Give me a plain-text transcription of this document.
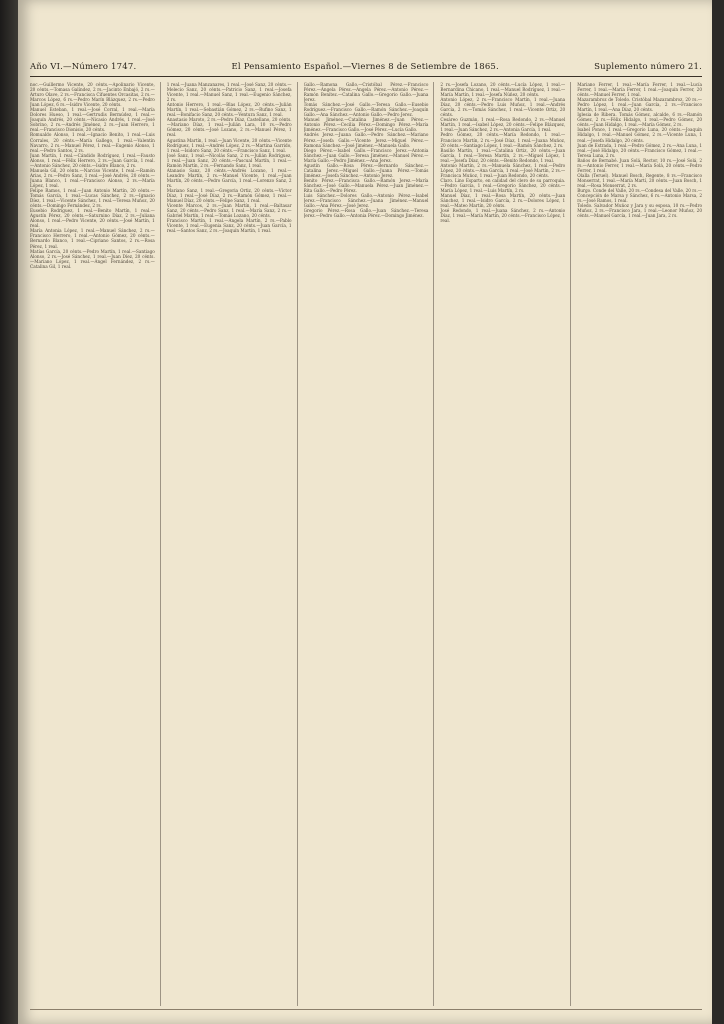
Año VI.—Número 1747.	El Pensamiento Español.—Viernes 8 de Setiembre de 1865.	Suplemento número 21.

noc.—Guillermo Vicente, 20 cénts.—Apolinario Vicente, 20 cénts.—Tomasa Galíndez, 2 rs.—Jacinto Enbajó, 2 rs.—Arturo Olave, 2 rs.—Francisca Cifuentes Orcasitas, 2 rs.—Marcos López, 6 rs.—Pedro Marín Blázquez, 2 rs.—Pedro Juan López, 6 rs.—Isidro Vicente, 20 cénts.

Manuel Esteban, 1 real.—José Corral, 1 real.—María Dolores Hueso, 1 real.—Gertrudis Bermúdez, 1 real.—Joaquín Andrés, 20 cénts.—Nicasio Andrés, 1 real.—José Sobrino, 2 rs.—Andrés Jiménez, 2 rs.—Juan Herrero, 1 real.—Francisco Dionisio, 20 cénts.

Romualdo Alonso, 1 real.—Ignacio Benito, 1 real.—Luis Corrales, 20 cénts.—María Gallego, 1 real.—Valentín Navarro, 2 rs.—Manuel Pérez, 1 real.—Eugenio Alonso, 1 real.—Pedro Santos, 2 rs.

Juan Martín, 1 real.—Cándido Rodríguez, 1 real.—Fausto Alonso, 1 real.—Félix Herrero, 2 rs.—Juan García, 1 real.—Antonio Sánchez, 20 cénts.—Isidro Blanco, 2 rs.

Manuela Gil, 20 cénts.—Narciso Vicente, 1 real.—Ramón Arias, 2 rs.—Pedro Sanz, 1 real.—José Andrés, 20 cénts.—Juana Blanco, 1 real.—Francisco Alonso, 2 rs.—María López, 1 real.

Felipe Ramos, 1 real.—Juan Antonio Martín, 20 cénts.—Tomás García, 1 real.—Lucas Sánchez, 2 rs.—Ignacio Díez, 1 real.—Vicente Sánchez, 1 real.—Teresa Muñoz, 20 cénts.—Domingo Fernández, 2 rs.

Eusebio Rodríguez, 1 real.—Benito Martín, 1 real.—Agustín Pérez, 20 cénts.—Saturnino Díaz, 2 rs.—Juliana Alonso, 1 real.—Pedro Vicente, 20 cénts.—José Martín, 1 real.

María Antonia López, 1 real.—Manuel Sánchez, 2 rs.—Francisco Herrero, 1 real.—Antonio Gómez, 20 cénts.—Bernardo Blanco, 1 real.—Cipriano Santos, 2 rs.—Rosa Pérez, 1 real.

Matías García, 20 cénts.—Pedro Martín, 1 real.—Santiago Alonso, 2 rs.—José Sánchez, 1 real.—Juan Díez, 20 cénts.—Mariano López, 1 real.—Ángel Fernández, 2 rs.—Catalina Gil, 1 real.

1 real.—Juana Manzanares, 1 real.—José Sanz, 20 cénts.—Melecio Sanz, 20 cénts.—Patricio Sanz, 1 real.—Josefa Vicente, 1 real.—Manuel Sanz, 1 real.—Eugenio Sánchez, 2 rs.

Antonio Herrero, 1 real.—Blas López, 20 cénts.—Julián Martín, 1 real.—Sebastián Gómez, 2 rs.—Rufino Sanz, 1 real.—Bonifacio Sanz, 20 cénts.—Ventura Sanz, 1 real.

Anastasio Maroto, 2 rs.—Pedro Díaz, Castellano, 20 cénts.—Mariano Díaz, 1 real.—Julián Lara, 10 rs.—Pedro Gómez, 20 cénts.—José Lozano, 2 rs.—Manuel Pérez, 1 real.

Agustina Martín, 1 real.—Juan Vicente, 20 cénts.—Vicente Rodríguez, 1 real.—Andrés López, 2 rs.—Martina Garrido, 1 real.—Isidoro Sanz, 20 cénts.—Francisco Sanz, 1 real.

José Sanz, 1 real.—Nicolás Sanz, 2 rs.—Julián Rodríguez, 1 real.—Juan Sanz, 20 cénts.—Pascual Martín, 1 real.—Ramón Martín, 2 rs.—Fernando Sanz, 1 real.

Atanasio Sanz, 20 cénts.—Andrés Lozano, 1 real.—Leandro Martín, 2 rs.—Manuel Vicente, 1 real.—Juan Martín, 20 cénts.—Pedro García, 1 real.—Lorenzo Sanz, 2 rs.

Mariano Sanz, 1 real.—Gregoria Ortiz, 20 cénts.—Víctor Díaz, 1 real.—José Díaz, 2 rs.—Ramón Gómez, 1 real.—Manuel Díaz, 20 cénts.—Felipe Sanz, 1 real.

Vicente Marcos, 2 rs.—Juan Martín, 1 real.—Baltasar Sanz, 20 cénts.—Pedro Sanz, 1 real.—María Sanz, 2 rs.—Gabriel Martín, 1 real.—Tomás Lozano, 20 cénts.

Francisco Martín, 1 real.—Ángela Martín, 2 rs.—Pablo Vicente, 1 real.—Eugenia Sanz, 20 cénts.—Juan García, 1 real.—Santos Sanz, 2 rs.—Joaquín Martín, 1 real.

Gallo.—Ramona Gallo.—Cristóbal Pérez.—Francisco Pérez.—Ángela Pérez.—Ángela Pérez.—Antonio Pérez.—Ramón Benítez.—Catalina Gallo.—Gregorio Gallo.—Juana Jerez.

Tomás Sánchez.—José Gallo.—Teresa Gallo.—Eusebio Rodríguez.—Francisco Gallo.—Ramón Sánchez.—Joaquín Gallo.—Ana Sánchez.—Antonio Gallo.—Pedro Jerez.

Manuel Jiménez.—Catalina Jiménez.—Juan Pérez.—Antonio Pérez.—Cecilia Pérez.—Domingo Pérez.—María Jiménez.—Francisco Gallo.—José Pérez.—Lucía Gallo.

Andrés Jerez.—Juana Gallo.—Pedro Sánchez.—Mariano Pérez.—Josefa Gallo.—Vicente Jerez.—Miguel Pérez.—Ramona Sánchez.—José Jiménez.—Manuela Gallo.

Diego Pérez.—Isabel Gallo.—Francisco Jerez.—Antonia Sánchez.—Juan Gallo.—Teresa Jiménez.—Manuel Pérez.—María Gallo.—Pedro Jiménez.—Ana Jerez.

Agustín Gallo.—Rosa Pérez.—Bernardo Sánchez.—Catalina Jerez.—Miguel Gallo.—Juana Pérez.—Tomás Jiménez.—Josefa Sánchez.—Antonio Jerez.

Benito Pérez.—Francisca Gallo.—Ramón Jerez.—María Sánchez.—José Gallo.—Manuela Pérez.—Juan Jiménez.—Rita Gallo.—Pedro Pérez.

Luis Sánchez.—Dolores Gallo.—Antonio Pérez.—Isabel Jerez.—Francisco Sánchez.—Juana Jiménez.—Manuel Gallo.—Ana Pérez.—José Jerez.

Gregorio Pérez.—Rosa Gallo.—Juan Sánchez.—Teresa Jerez.—Pedro Gallo.—Antonia Pérez.—Domingo Jiménez.

2 rs.—Josefa Lozano, 20 cénts.—Lucía López, 1 real.—Bernardina Chicano, 1 real.—Manuel Rodríguez, 1 real.—María Martín, 1 real.—Josefa Núñez, 20 cénts.

Antonio López, 2 rs.—Francisco Martín, 1 real.—Juana Díaz, 20 cénts.—Pedro Luis Muñoz, 1 real.—Andrés García, 2 rs.—Tomás Sánchez, 1 real.—Vicente Ortiz, 20 cénts.

Cesáreo Guzmán, 1 real.—Rosa Redondo, 2 rs.—Manuel Martín, 1 real.—Isabel López, 20 cénts.—Felipe Blázquez, 1 real.—Juan Sánchez, 2 rs.—Antonia García, 1 real.

Pedro Gómez, 20 cénts.—María Redondo, 1 real.—Francisco Martín, 2 rs.—José Díaz, 1 real.—Juana Muñoz, 20 cénts.—Santiago López, 1 real.—Ramón Sánchez, 2 rs.

Basilio Martín, 1 real.—Catalina Ortiz, 20 cénts.—Juan García, 1 real.—Teresa Martín, 2 rs.—Miguel López, 1 real.—Josefa Díaz, 20 cénts.—Benito Redondo, 1 real.

Antonio Martín, 2 rs.—Manuela Sánchez, 1 real.—Pedro López, 20 cénts.—Ana García, 1 real.—José Martín, 2 rs.—Francisca Muñoz, 1 real.—Juan Redondo, 20 cénts.

Claro. Lino Esparto, en calidad del clero de su parroquia.—Pedro García, 1 real.—Gregorio Sánchez, 20 cénts.—María López, 1 real.—Luis Martín, 2 rs.

Manuel Díaz, 1 real.—Rosa Martín, 20 cénts.—Juan Sánchez, 1 real.—Isidro García, 2 rs.—Dolores López, 1 real.—Mateo Martín, 20 cénts.

José Redondo, 1 real.—Juana Sánchez, 2 rs.—Antonio Díaz, 1 real.—María Martín, 20 cénts.—Francisco López, 1 real.

Mariano Ferrer, 1 real.—María Ferrer, 1 real.—Lucía Ferrer, 1 real.—María Ferrer, 1 real.—Joaquín Ferrer, 20 cénts.—Manuel Ferrer, 1 real.

Mazarambroz de Toledo. Cristóbal Mazarambroz, 20 rs.—Pedro López, 1 real.—Juan García, 2 rs.—Francisco Martín, 1 real.—Ana Díaz, 20 cénts.

Iglesia de Ribera. Tomás Gómez, alcalde, 6 rs.—Ramón Gómez, 2 rs.—Félix Hidalgo, 1 real.—Pedro Gómez, 20 cénts.—Juan Hidalgo, 1 real.—María Gómez, 2 rs.

Isabel Ponce, 1 real.—Gregorio Luna, 20 cénts.—Joaquín Hidalgo, 1 real.—Manuel Gómez, 2 rs.—Vicente Luna, 1 real.—Josefa Hidalgo, 20 cénts.

Juan de Estrada, 1 real.—Pedro Gómez, 2 rs.—Ana Luna, 1 real.—José Hidalgo, 20 cénts.—Francisco Gómez, 1 real.—Teresa Luna, 2 rs.

Baños de Bernabé. Juan Solá, Rector, 10 rs.—José Solá, 2 rs.—Antonio Ferrer, 1 real.—María Solá, 20 cénts.—Pedro Ferrer, 1 real.

Olalla (Teruel). Manuel Bosch, Regente, 8 rs.—Francisco Monserrat, 1 real.—María Martí, 20 cénts.—Juan Bosch, 1 real.—Rosa Monserrat, 2 rs.

Burgo. Conde del Valle, 20 rs.—Condesa del Valle, 20 rs.—Concepción de Marsa y Sánchez, 6 rs.—Antonio Marsa, 2 rs.—José Ramos, 1 real.

Toledo. Salvador Muñoz y Jara y su esposa, 10 rs.—Pedro Muñoz, 2 rs.—Francisco Jara, 1 real.—Leonor Muñoz, 20 cénts.—Manuel García, 1 real.—Juan Jara, 2 rs.
